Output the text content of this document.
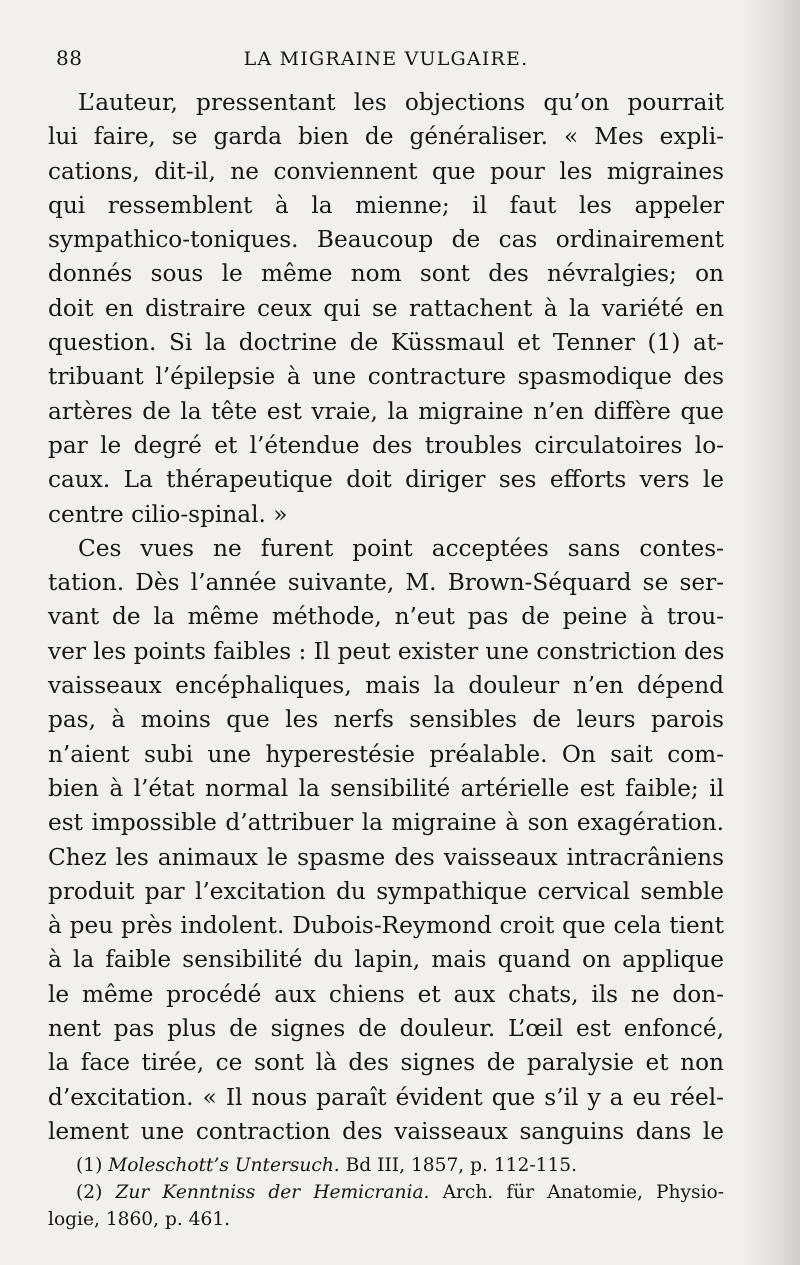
88	LA MIGRAINE VULGAIRE.
L’auteur, pressentant les objections qu’on pourrait
lui faire, se garda bien de généraliser. « Mes expli-
cations, dit-il, ne conviennent que pour les migraines
qui ressemblent à la mienne; il faut les appeler
sympathico-toniques. Beaucoup de cas ordinairement
donnés sous le même nom sont des névralgies; on
doit en distraire ceux qui se rattachent à la variété en
question. Si la doctrine de Küssmaul et Tenner (1) at-
tribuant l’épilepsie à une contracture spasmodique des
artères de la tête est vraie, la migraine n’en diffère que
par le degré et l’étendue des troubles circulatoires lo-
caux. La thérapeutique doit diriger ses efforts vers le
centre cilio-spinal. »
Ces vues ne furent point acceptées sans contes-
tation. Dès l’année suivante, M. Brown-Séquard se ser-
vant de la même méthode, n’eut pas de peine à trou-
ver les points faibles : Il peut exister une constriction des
vaisseaux encéphaliques, mais la douleur n’en dépend
pas, à moins que les nerfs sensibles de leurs parois
n’aient subi une hyperestésie préalable. On sait com-
bien à l’état normal la sensibilité artérielle est faible; il
est impossible d’attribuer la migraine à son exagération.
Chez les animaux le spasme des vaisseaux intracrâniens
produit par l’excitation du sympathique cervical semble
à peu près indolent. Dubois-Reymond croit que cela tient
à la faible sensibilité du lapin, mais quand on applique
le même procédé aux chiens et aux chats, ils ne don-
nent pas plus de signes de douleur. L’œil est enfoncé,
la face tirée, ce sont là des signes de paralysie et non
d’excitation. « Il nous paraît évident que s’il y a eu réel-
lement une contraction des vaisseaux sanguins dans le
(1) Moleschott’s Untersuch. Bd III, 1857, p. 112-115.
(2) Zur Kenntniss der Hemicrania. Arch. für Anatomie, Physio-
logie, 1860, p. 461.
